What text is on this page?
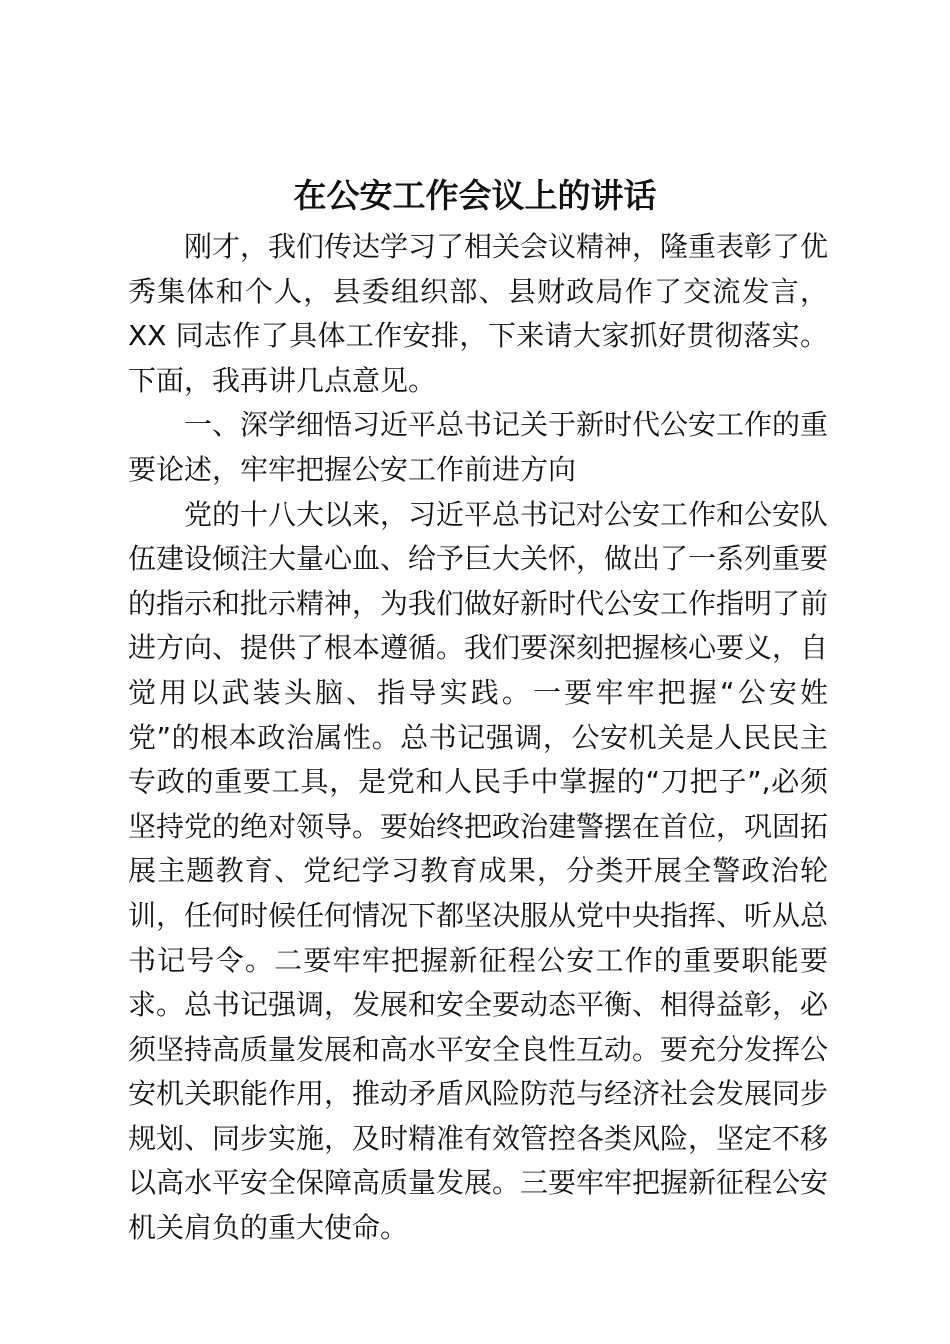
在公安工作会议上的讲话

刚才，我们传达学习了相关会议精神，隆重表彰了优秀集体和个人，县委组织部、县财政局作了交流发言，XX 同志作了具体工作安排，下来请大家抓好贯彻落实。下面，我再讲几点意见。

一、深学细悟习近平总书记关于新时代公安工作的重要论述，牢牢把握公安工作前进方向

党的十八大以来，习近平总书记对公安工作和公安队伍建设倾注大量心血、给予巨大关怀，做出了一系列重要的指示和批示精神，为我们做好新时代公安工作指明了前进方向、提供了根本遵循。我们要深刻把握核心要义，自觉用以武装头脑、指导实践。一要牢牢把握“公安姓党”的根本政治属性。总书记强调，公安机关是人民民主专政的重要工具，是党和人民手中掌握的“刀把子”,必须坚持党的绝对领导。要始终把政治建警摆在首位，巩固拓展主题教育、党纪学习教育成果，分类开展全警政治轮训，任何时候任何情况下都坚决服从党中央指挥、听从总书记号令。二要牢牢把握新征程公安工作的重要职能要求。总书记强调，发展和安全要动态平衡、相得益彰，必须坚持高质量发展和高水平安全良性互动。要充分发挥公安机关职能作用，推动矛盾风险防范与经济社会发展同步规划、同步实施，及时精准有效管控各类风险，坚定不移以高水平安全保障高质量发展。三要牢牢把握新征程公安机关肩负的重大使命。
